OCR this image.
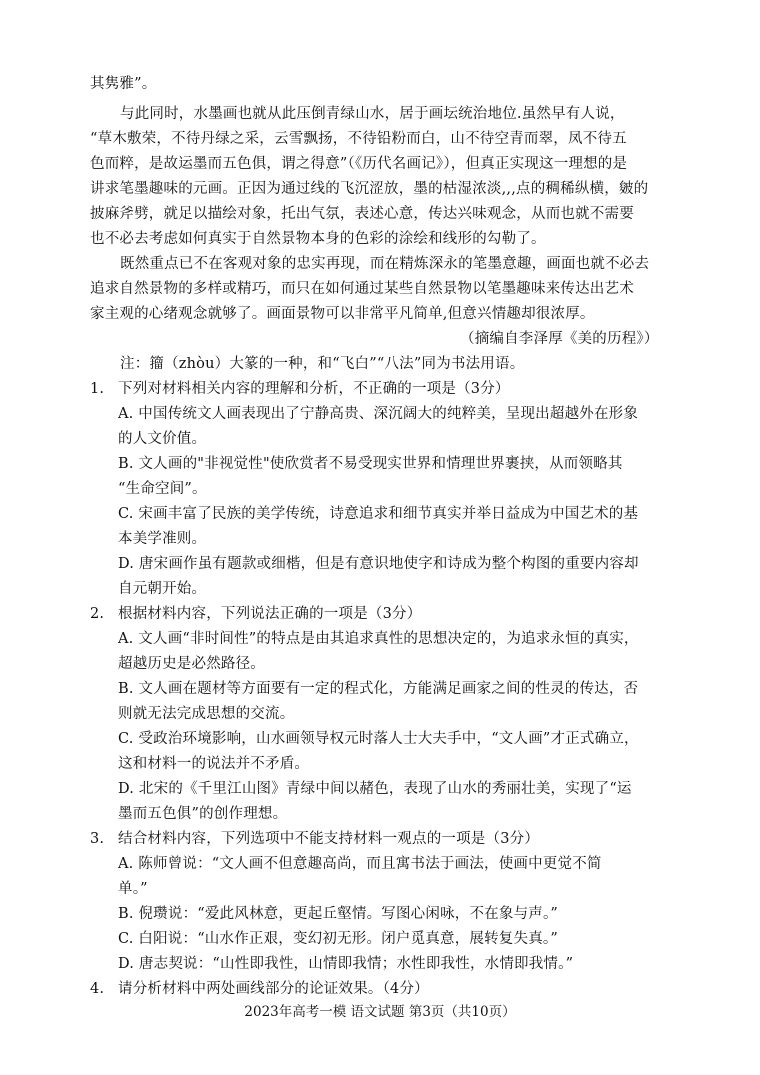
其隽雅”。
与此同时，水墨画也就从此压倒青绿山水，居于画坛统治地位.虽然早有人说，
“草木敷荣，不待丹绿之采，云雪飘扬，不待铅粉而白，山不待空青而翠，凤不待五
色而粹，是故运墨而五色俱，谓之得意”（《历代名画记》），但真正实现这一理想的是
讲求笔墨趣味的元画。正因为通过线的飞沉涩放，墨的枯湿浓淡,,,点的稠稀纵横，皴的
披麻斧劈，就足以描绘对象，托出气氛，表述心意，传达兴味观念，从而也就不需要
也不必去考虑如何真实于自然景物本身的色彩的涂绘和线形的勾勒了。
既然重点已不在客观对象的忠实再现，而在精炼深永的笔墨意趣，画面也就不必去
追求自然景物的多样或精巧，而只在如何通过某些自然景物以笔墨趣味来传达出艺术
家主观的心绪观念就够了。画面景物可以非常平凡简单,但意兴情趣却很浓厚。
（摘编自李泽厚《美的历程》）
注：籀（zhòu）大篆的一种，和“飞白”“八法”同为书法用语。
1. 下列对材料相关内容的理解和分析，不正确的一项是（3分）
A. 中国传统文人画表现出了宁静高贵、深沉阔大的纯粹美，呈现出超越外在形象
的人文价值。
B. 文人画的"非视觉性"使欣赏者不易受现实世界和情理世界裹挟，从而领略其
“生命空间”。
C. 宋画丰富了民族的美学传统，诗意追求和细节真实并举日益成为中国艺术的基
本美学准则。
D. 唐宋画作虽有题款或细楷，但是有意识地使字和诗成为整个构图的重要内容却
自元朝开始。
2. 根据材料内容，下列说法正确的一项是（3分）
A. 文人画“非时间性”的特点是由其追求真性的思想决定的，为追求永恒的真实，
超越历史是必然路径。
B. 文人画在题材等方面要有一定的程式化，方能满足画家之间的性灵的传达，否
则就无法完成思想的交流。
C. 受政治环境影响，山水画领导权元时落人士大夫手中，“文人画”才正式确立，
这和材料一的说法并不矛盾。
D. 北宋的《千里江山图》青绿中间以赭色，表现了山水的秀丽壮美，实现了“运
墨而五色俱”的创作理想。
3. 结合材料内容，下列选项中不能支持材料一观点的一项是（3分）
A. 陈师曾说：“文人画不但意趣高尚，而且寓书法于画法，使画中更觉不简
单。”
B. 倪瓒说：“爱此风林意，更起丘壑情。写图心闲咏，不在象与声。”
C. 白阳说：“山水作正艰，变幻初无形。闭户觅真意，展转复失真。”
D. 唐志契说：“山性即我性，山情即我情；水性即我性，水情即我情。”
4. 请分析材料中两处画线部分的论证效果。（4分）
2023年高考一模 语文试题 第3页（共10页）
